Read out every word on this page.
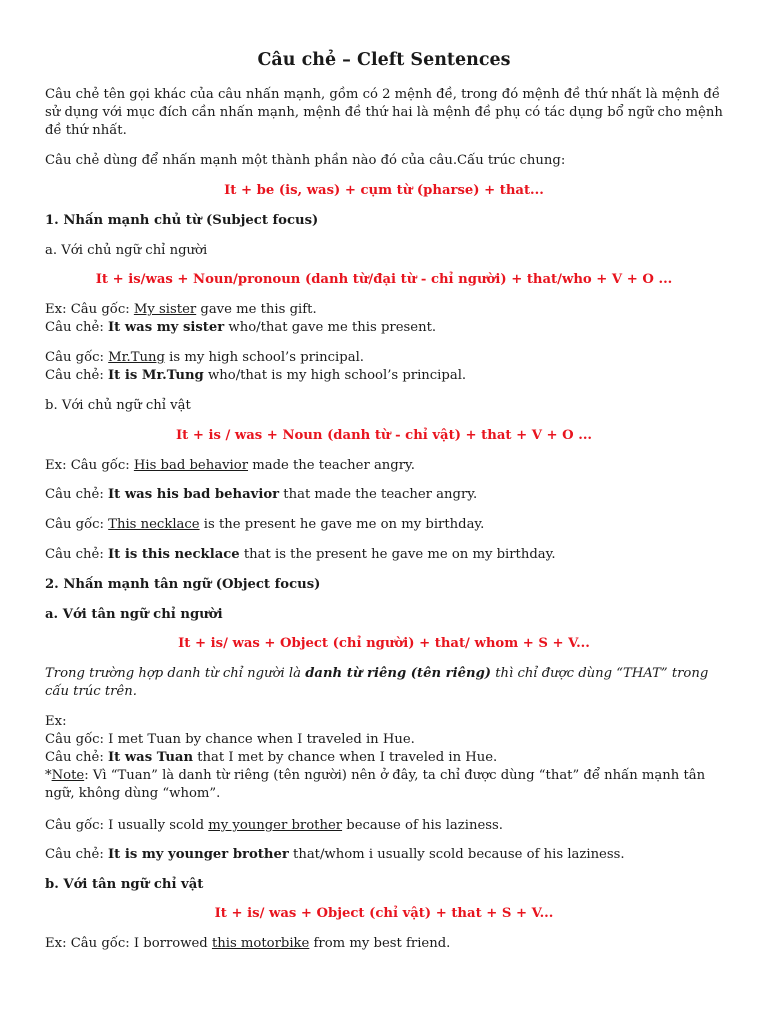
Câu chẻ – Cleft Sentences
Câu chẻ tên gọi khác của câu nhấn mạnh, gồm có 2 mệnh đề, trong đó mệnh đề thứ nhất là mệnh đề sử dụng với mục đích cần nhấn mạnh, mệnh đề thứ hai là mệnh đề phụ có tác dụng bổ ngữ cho mệnh đề thứ nhất.
Câu chẻ dùng để nhấn mạnh một thành phần nào đó của câu.Cấu trúc chung:
It + be (is, was) + cụm từ (pharse) + that...
1. Nhấn mạnh chủ từ (Subject focus)
a. Với chủ ngữ chỉ người
It + is/was + Noun/pronoun (danh từ/đại từ - chỉ người) + that/who + V + O ...
Ex: Câu gốc: My sister gave me this gift.
Câu chẻ: It was my sister who/that gave me this present.
Câu gốc: Mr.Tung is my high school’s principal.
Câu chẻ: It is Mr.Tung who/that is my high school’s principal.
b. Với chủ ngữ chỉ vật
It + is / was + Noun (danh từ - chỉ vật) + that + V + O ...
Ex: Câu gốc: His bad behavior made the teacher angry.
Câu chẻ: It was his bad behavior that made the teacher angry.
Câu gốc: This necklace is the present he gave me on my birthday.
Câu chẻ: It is this necklace that is the present he gave me on my birthday.
2. Nhấn mạnh tân ngữ (Object focus)
a. Với tân ngữ chỉ người
It + is/ was + Object (chỉ người) + that/ whom + S + V...
Trong trường hợp danh từ chỉ người là danh từ riêng (tên riêng) thì chỉ được dùng “THAT” trong cấu trúc trên.
Ex:
Câu gốc: I met Tuan by chance when I traveled in Hue.
Câu chẻ: It was Tuan that I met by chance when I traveled in Hue.
*Note: Vì “Tuan” là danh từ riêng (tên người) nên ở đây, ta chỉ được dùng “that” để nhấn mạnh tân ngữ, không dùng “whom”.
Câu gốc: I usually scold my younger brother because of his laziness.
Câu chẻ: It is my younger brother that/whom i usually scold because of his laziness.
b. Với tân ngữ chỉ vật
It + is/ was + Object (chỉ vật) + that + S + V...
Ex: Câu gốc: I borrowed this motorbike from my best friend.
